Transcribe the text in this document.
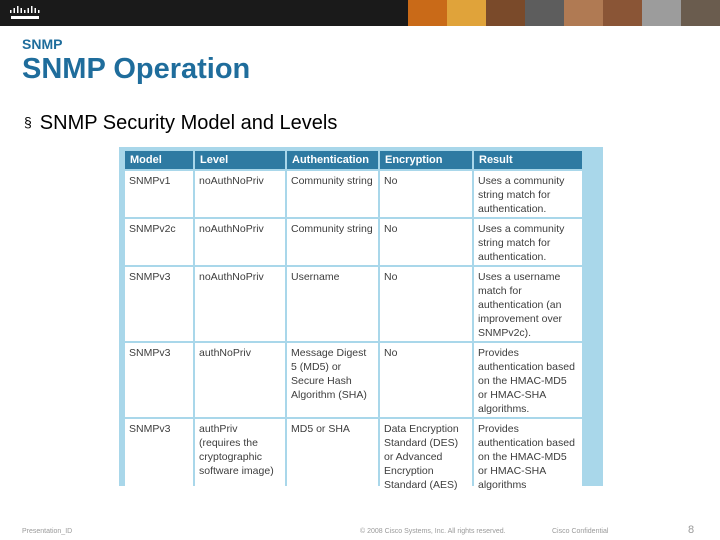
SNMP
SNMP Operation
§ SNMP Security Model and Levels
Model	Level	Authentication	Encryption	Result
SNMPv1	noAuthNoPriv	Community string	No	Uses a community string match for authentication.
SNMPv2c	noAuthNoPriv	Community string	No	Uses a community string match for authentication.
SNMPv3	noAuthNoPriv	Username	No	Uses a username match for authentication (an improvement over SNMPv2c).
SNMPv3	authNoPriv	Message Digest 5 (MD5) or Secure Hash Algorithm (SHA)	No	Provides authentication based on the HMAC-MD5 or HMAC-SHA algorithms.
SNMPv3	authPriv (requires the cryptographic software image)	MD5 or SHA	Data Encryption Standard (DES) or Advanced Encryption Standard (AES)	Provides authentication based on the HMAC-MD5 or HMAC-SHA algorithms
Presentation_ID	© 2008 Cisco Systems, Inc. All rights reserved.	Cisco Confidential	8
